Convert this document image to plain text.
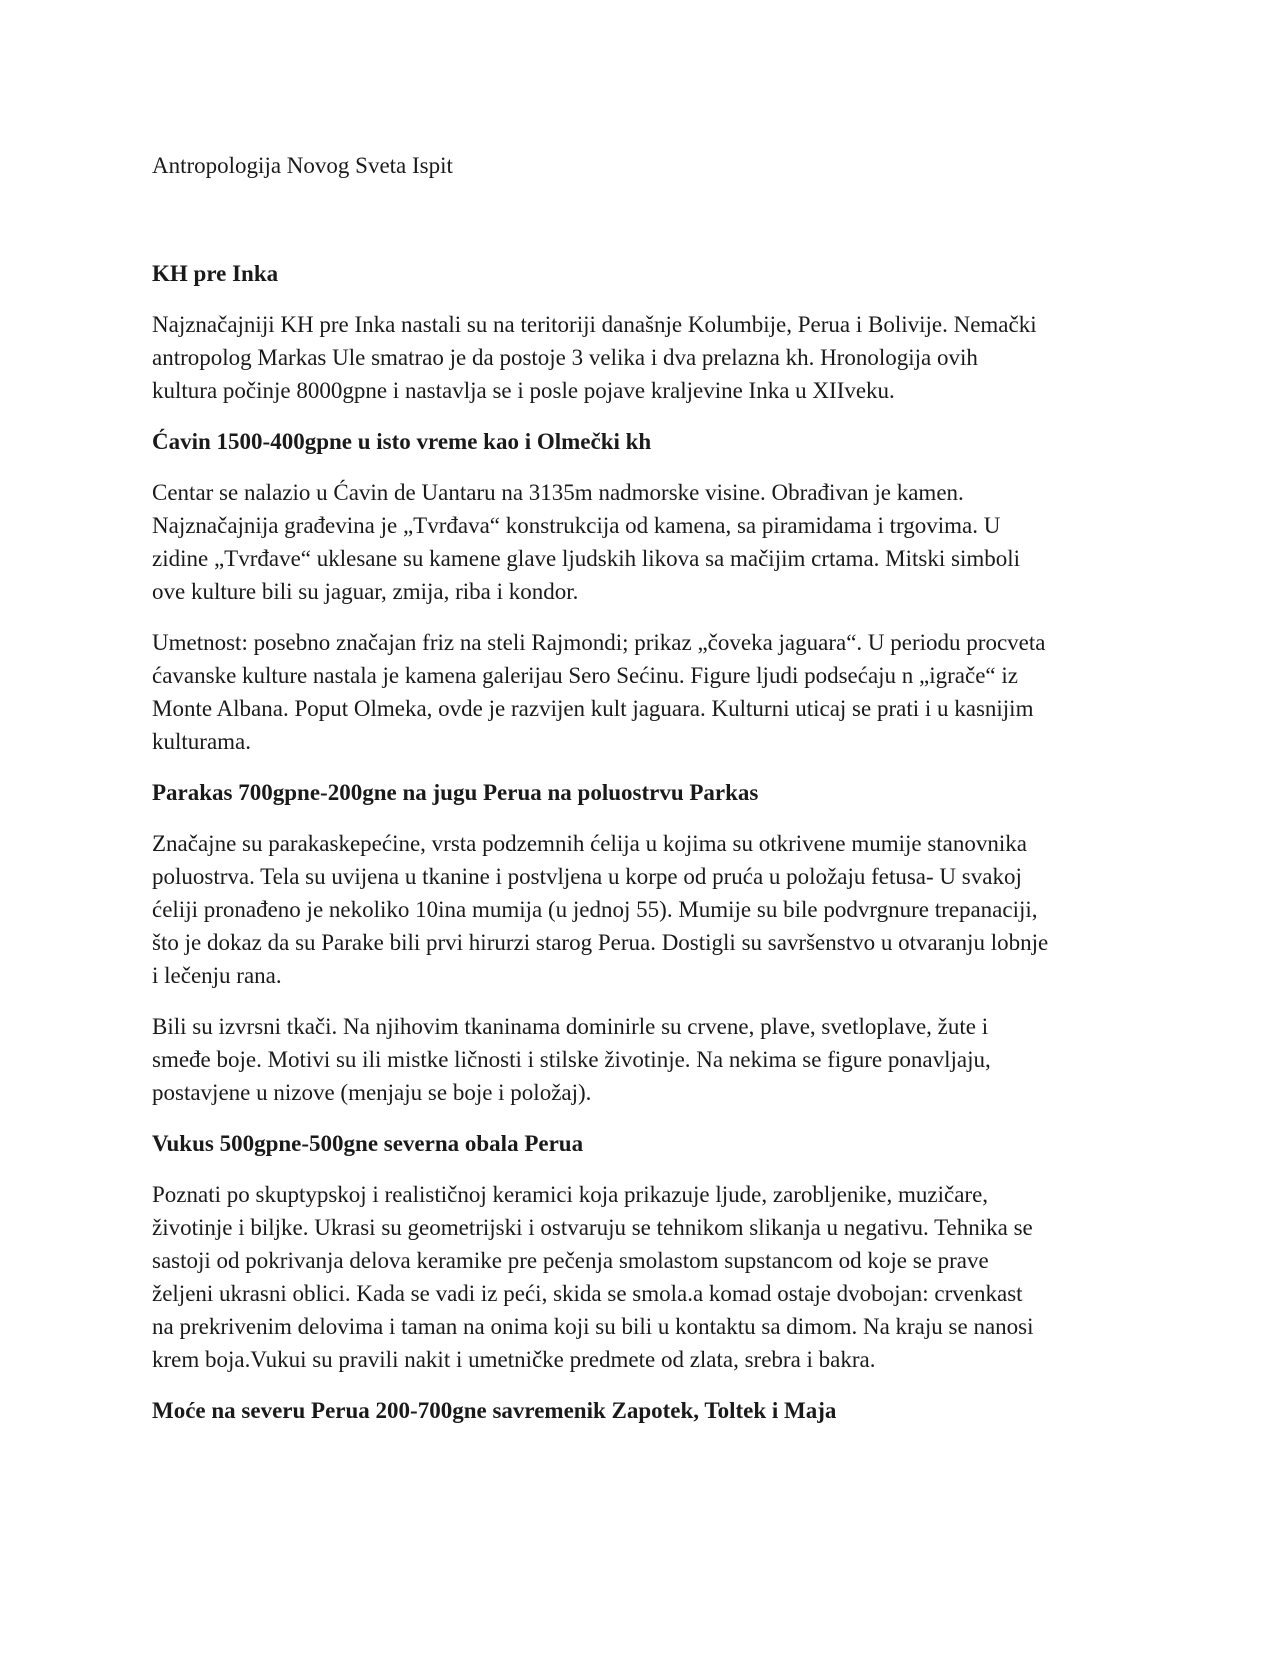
Antropologija Novog Sveta Ispit
KH pre Inka

Najznačajniji KH pre Inka nastali su na teritoriji današnje Kolumbije, Perua i Bolivije. Nemački
antropolog Markas Ule smatrao je da postoje 3 velika i dva prelazna kh. Hronologija ovih
kultura počinje 8000gpne i nastavlja se i posle pojave kraljevine Inka u XIIveku.

Ćavin 1500-400gpne u isto vreme kao i Olmečki kh

Centar se nalazio u Ćavin de Uantaru na 3135m nadmorske visine. Obrađivan je kamen.
Najznačajnija građevina je „Tvrđava“ konstrukcija od kamena, sa piramidama i trgovima. U
zidine „Tvrđave“ uklesane su kamene glave ljudskih likova sa mačijim crtama. Mitski simboli
ove kulture bili su jaguar, zmija, riba i kondor.

Umetnost: posebno značajan friz na steli Rajmondi; prikaz „čoveka jaguara“. U periodu procveta
ćavanske kulture nastala je kamena galerijau Sero Sećinu. Figure ljudi podsećaju n „igrače“ iz
Monte Albana. Poput Olmeka, ovde je razvijen kult jaguara. Kulturni uticaj se prati i u kasnijim
kulturama.

Parakas 700gpne-200gne na jugu Perua na poluostrvu Parkas

Značajne su parakaskepećine, vrsta podzemnih ćelija u kojima su otkrivene mumije stanovnika
poluostrva. Tela su uvijena u tkanine i postvljena u korpe od pruća u položaju fetusa- U svakoj
ćeliji pronađeno je nekoliko 10ina mumija (u jednoj 55). Mumije su bile podvrgnure trepanaciji,
što je dokaz da su Parake bili prvi hirurzi starog Perua. Dostigli su savršenstvo u otvaranju lobnje
i lečenju rana.

Bili su izvrsni tkači. Na njihovim tkaninama dominirle su crvene, plave, svetloplave, žute i
smeđe boje. Motivi su ili mistke ličnosti i stilske životinje. Na nekima se figure ponavljaju,
postavjene u nizove (menjaju se boje i položaj).

Vukus 500gpne-500gne severna obala Perua

Poznati po skuptурskoj i realističnoj keramici koja prikazuje ljude, zarobljenike, muzičare,
životinje i biljke. Ukrasi su geometrijski i ostvaruju se tehnikom slikanja u negativu. Tehnika se
sastoji od pokrivanja delova keramike pre pečenja smolastom supstancom od koje se prave
željeni ukrasni oblici. Kada se vadi iz peći, skida se smola.a komad ostaje dvobojan: crvenkast
na prekrivenim delovima i taman na onima koji su bili u kontaktu sa dimom. Na kraju se nanosi
krem boja.Vukui su pravili nakit i umetničke predmete od zlata, srebra i bakra.

Moće na severu Perua 200-700gne savremenik Zapotek, Toltek i Maja
